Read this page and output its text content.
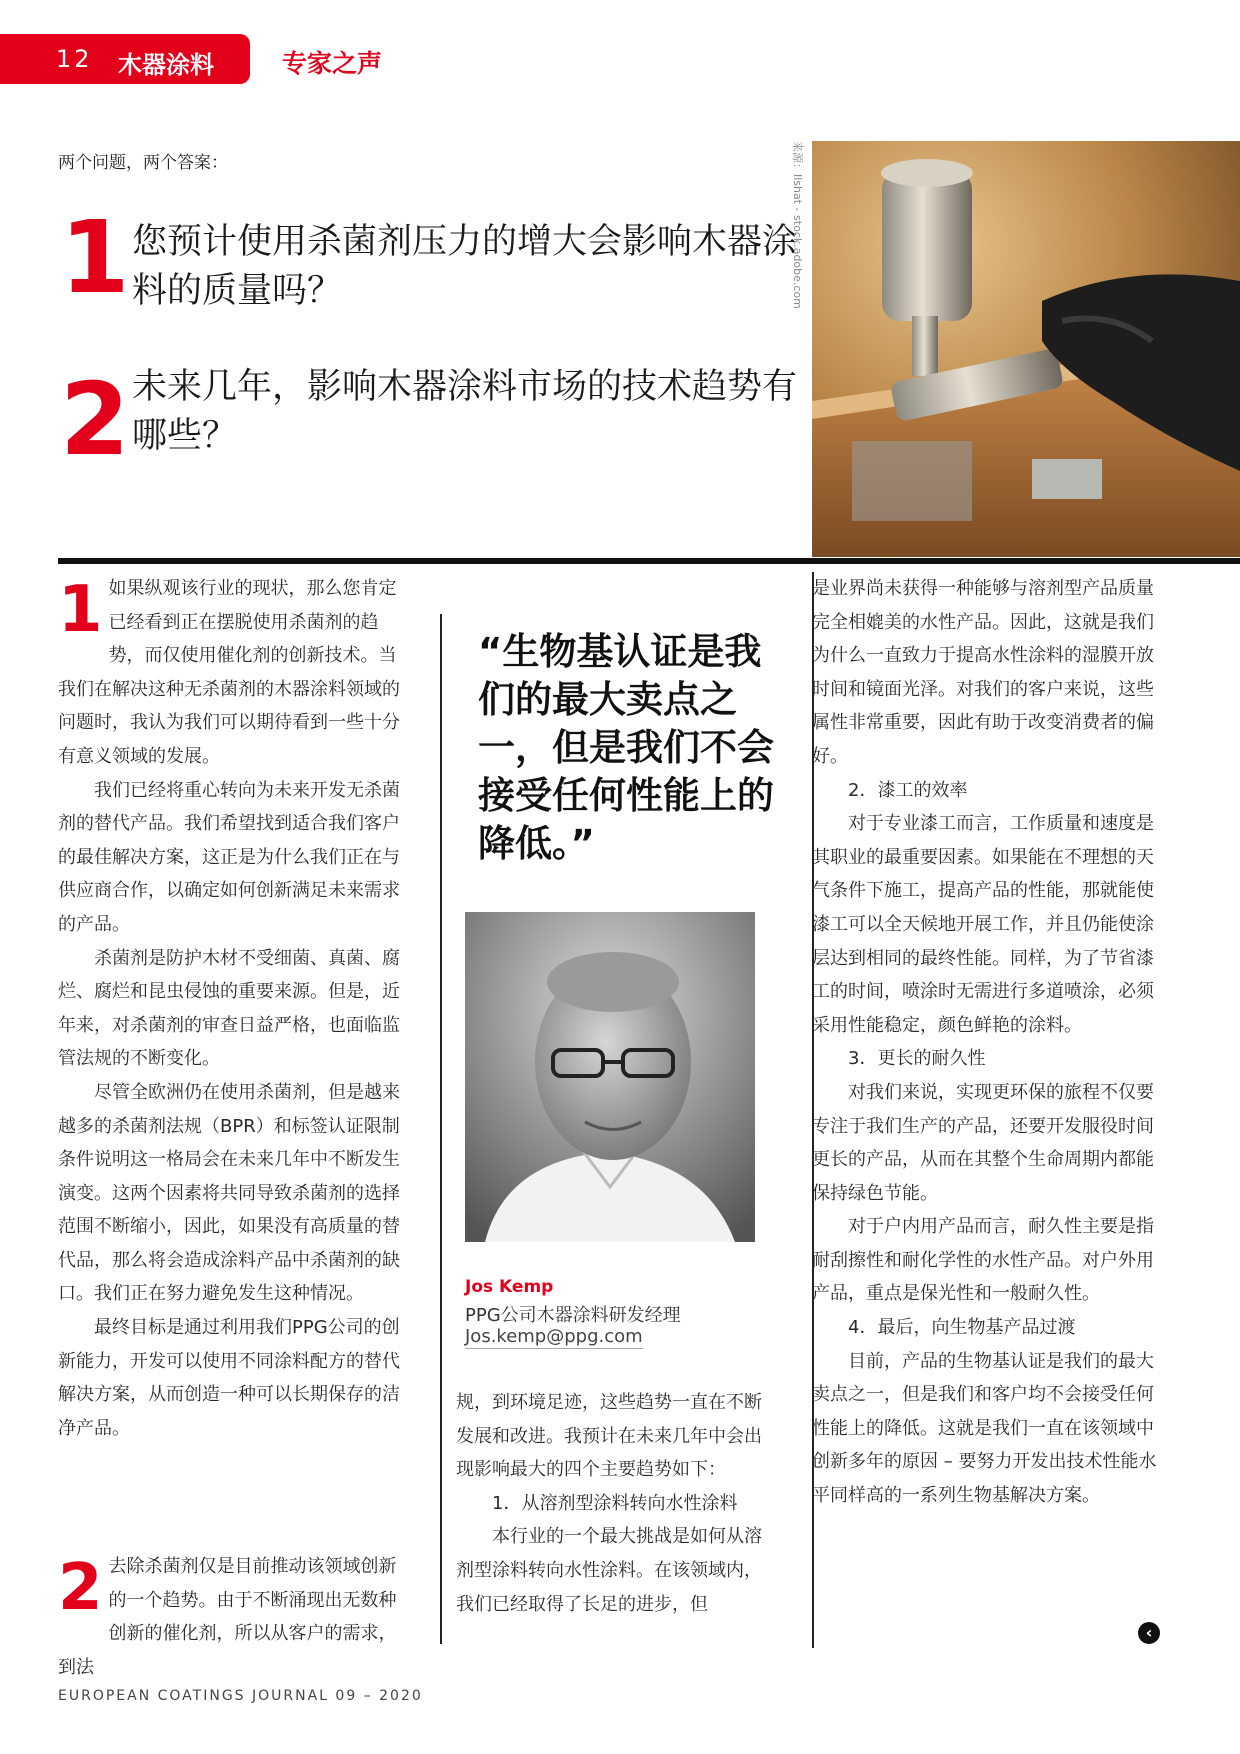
12 木器涂料	专家之声
两个问题，两个答案：
1 您预计使用杀菌剂压力的增大会影响木器涂料的质量吗？
2 未来几年，影响木器涂料市场的技术趋势有哪些？
来源：Ilshat - stock.adobe.com

1 如果纵观该行业的现状，那么您肯定已经看到正在摆脱使用杀菌剂的趋势，而仅使用催化剂的创新技术。当我们在解决这种无杀菌剂的木器涂料领域的问题时，我认为我们可以期待看到一些十分有意义领域的发展。

我们已经将重心转向为未来开发无杀菌剂的替代产品。我们希望找到适合我们客户的最佳解决方案，这正是为什么我们正在与供应商合作，以确定如何创新满足未来需求的产品。

杀菌剂是防护木材不受细菌、真菌、腐烂、腐烂和昆虫侵蚀的重要来源。但是，近年来，对杀菌剂的审查日益严格，也面临监管法规的不断变化。

尽管全欧洲仍在使用杀菌剂，但是越来越多的杀菌剂法规（BPR）和标签认证限制条件说明这一格局会在未来几年中不断发生演变。这两个因素将共同导致杀菌剂的选择范围不断缩小，因此，如果没有高质量的替代品，那么将会造成涂料产品中杀菌剂的缺口。我们正在努力避免发生这种情况。

最终目标是通过利用我们PPG公司的创新能力，开发可以使用不同涂料配方的替代解决方案，从而创造一种可以长期保存的洁净产品。

2 去除杀菌剂仅是目前推动该领域创新的一个趋势。由于不断涌现出无数种创新的催化剂，所以从客户的需求，到法

“生物基认证是我们的最大卖点之一，但是我们不会接受任何性能上的降低。”
Jos Kemp
PPG公司木器涂料研发经理
Jos.kemp@ppg.com

规，到环境足迹，这些趋势一直在不断发展和改进。我预计在未来几年中会出现影响最大的四个主要趋势如下：

1．从溶剂型涂料转向水性涂料

本行业的一个最大挑战是如何从溶剂型涂料转向水性涂料。在该领域内，我们已经取得了长足的进步，但

是业界尚未获得一种能够与溶剂型产品质量完全相媲美的水性产品。因此，这就是我们为什么一直致力于提高水性涂料的湿膜开放时间和镜面光泽。对我们的客户来说，这些属性非常重要，因此有助于改变消费者的偏好。

2．漆工的效率

对于专业漆工而言，工作质量和速度是其职业的最重要因素。如果能在不理想的天气条件下施工，提高产品的性能，那就能使漆工可以全天候地开展工作，并且仍能使涂层达到相同的最终性能。同样，为了节省漆工的时间，喷涂时无需进行多道喷涂，必须采用性能稳定，颜色鲜艳的涂料。

3．更长的耐久性

对我们来说，实现更环保的旅程不仅要专注于我们生产的产品，还要开发服役时间更长的产品，从而在其整个生命周期内都能保持绿色节能。

对于户内用产品而言，耐久性主要是指耐刮擦性和耐化学性的水性产品。对户外用产品，重点是保光性和一般耐久性。

4．最后，向生物基产品过渡

目前，产品的生物基认证是我们的最大卖点之一，但是我们和客户均不会接受任何性能上的降低。这就是我们一直在该领域中创新多年的原因 – 要努力开发出技术性能水平同样高的一系列生物基解决方案。

‹
EUROPEAN COATINGS JOURNAL 09 – 2020
